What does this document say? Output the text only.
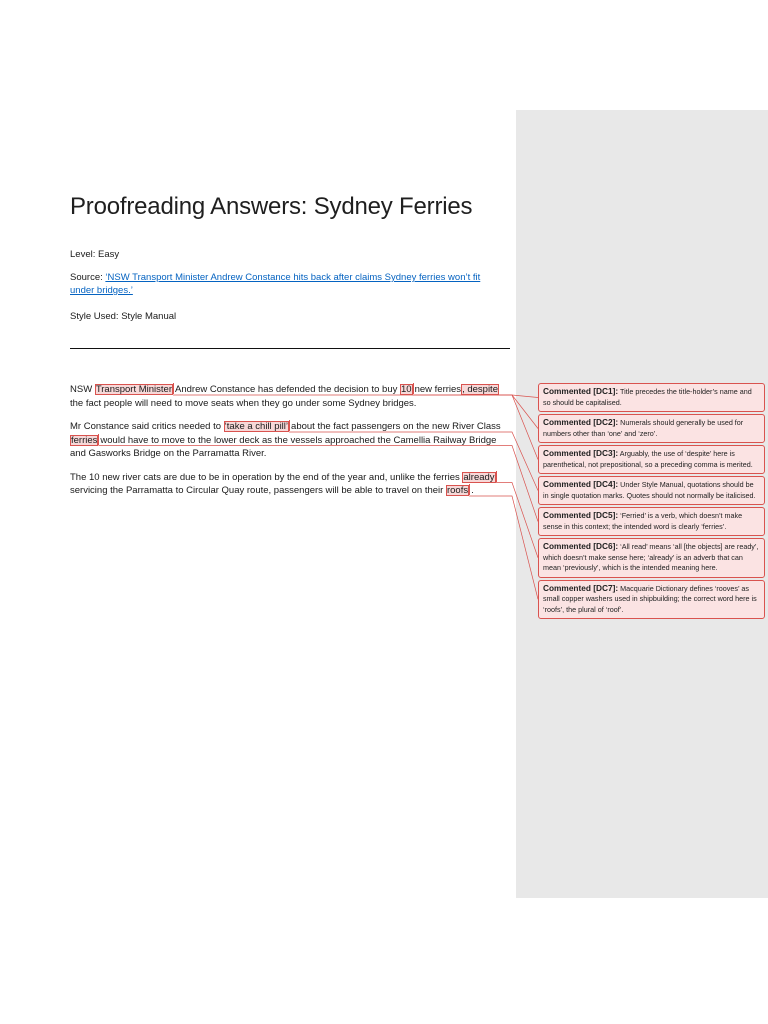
Proofreading Answers: Sydney Ferries
Level: Easy
Source: ‘NSW Transport Minister Andrew Constance hits back after claims Sydney ferries won’t fit under bridges.’
Style Used: Style Manual

NSW Transport Minister Andrew Constance has defended the decision to buy 10 new ferries, despite the fact people will need to move seats when they go under some Sydney bridges.

Mr Constance said critics needed to ‘take a chill pill’ about the fact passengers on the new River Class ferries would have to move to the lower deck as the vessels approached the Camellia Railway Bridge and Gasworks Bridge on the Parramatta River.

The 10 new river cats are due to be in operation by the end of the year and, unlike the ferries already servicing the Parramatta to Circular Quay route, passengers will be able to travel on their roofs .

Commented [DC1]: Title precedes the title-holder’s name and so should be capitalised.
Commented [DC2]: Numerals should generally be used for numbers other than ‘one’ and ‘zero’.
Commented [DC3]: Arguably, the use of ‘despite’ here is parenthetical, not prepositional, so a preceding comma is merited.
Commented [DC4]: Under Style Manual, quotations should be in single quotation marks. Quotes should not normally be italicised.
Commented [DC5]: ‘Ferried’ is a verb, which doesn’t make sense in this context; the intended word is clearly ‘ferries’.
Commented [DC6]: ‘All read’ means ‘all [the objects] are ready’, which doesn’t make sense here; ‘already’ is an adverb that can mean ‘previously’, which is the intended meaning here.
Commented [DC7]: Macquarie Dictionary defines ‘rooves’ as small copper washers used in shipbuilding; the correct word here is ‘roofs’, the plural of ‘roof’.
